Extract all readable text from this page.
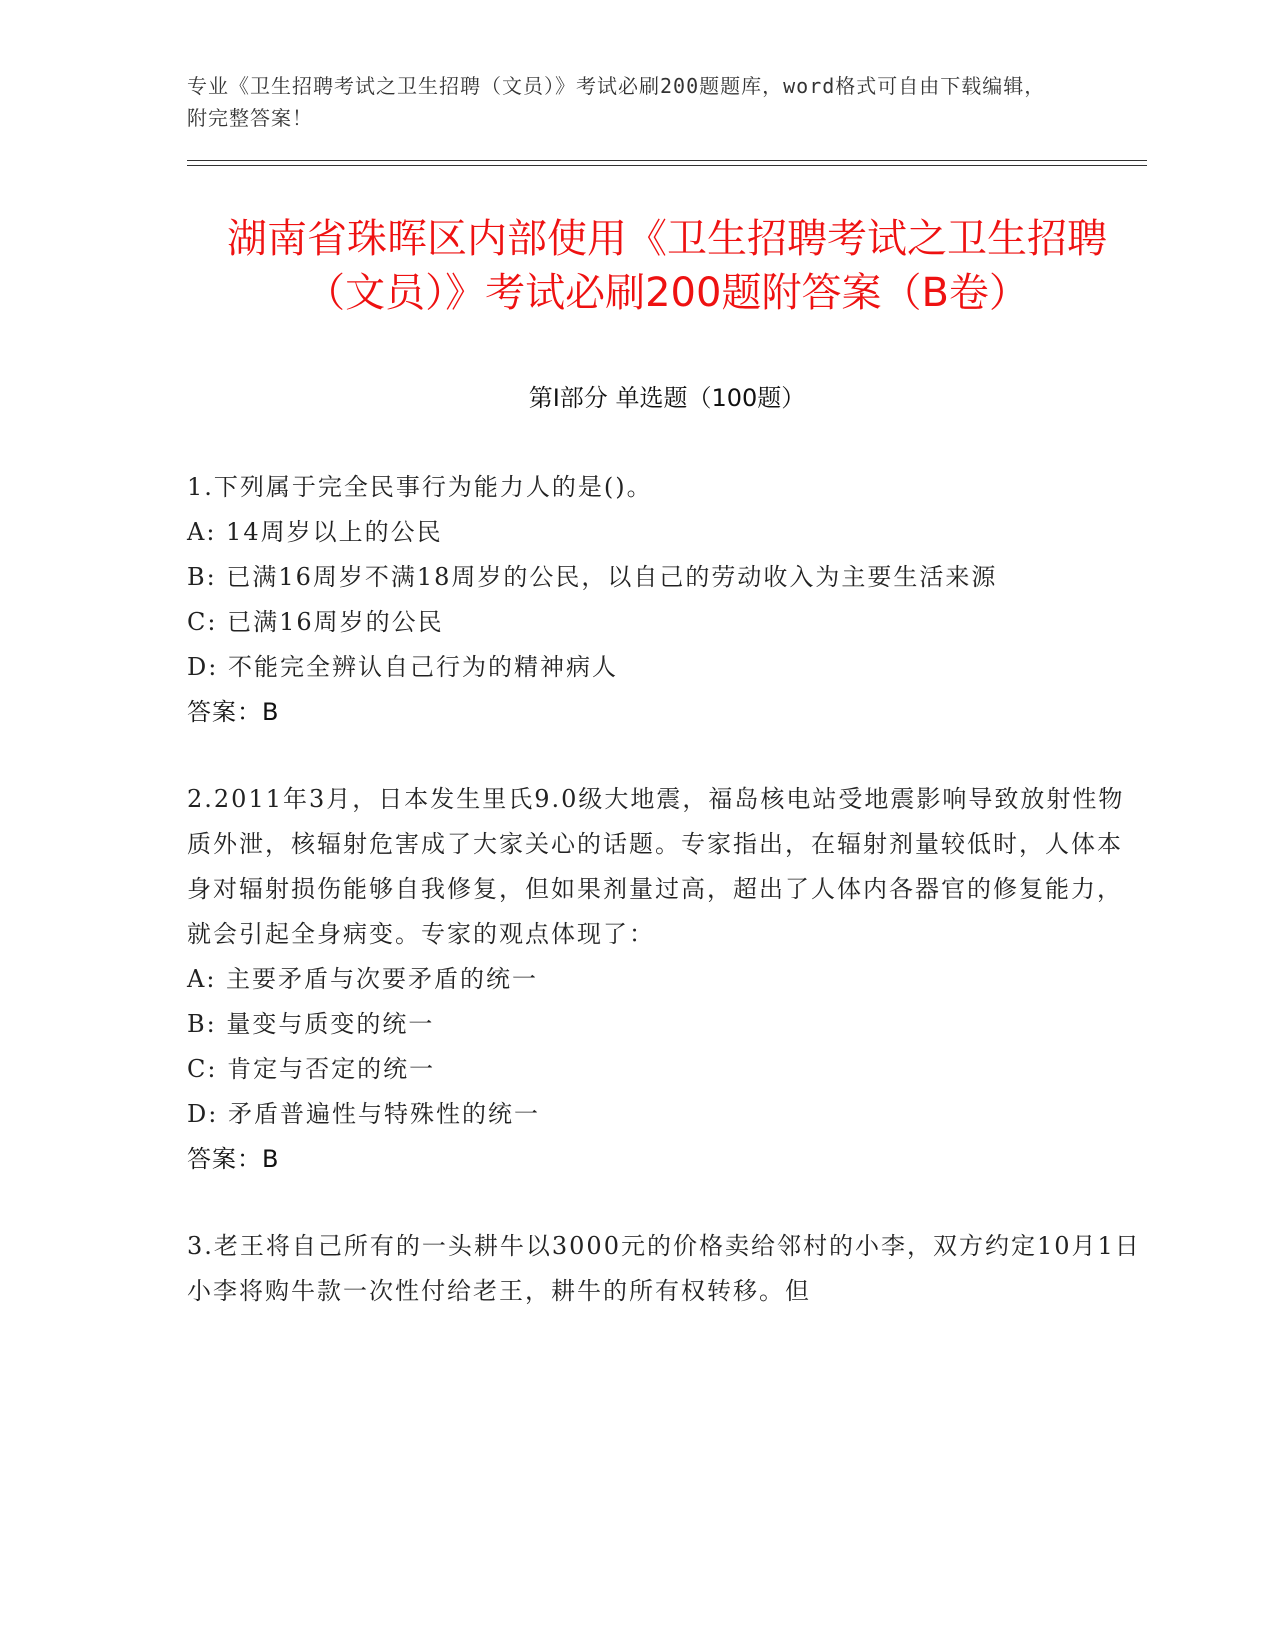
专业《卫生招聘考试之卫生招聘（文员）》考试必刷200题题库，word格式可自由下载编辑，附完整答案！
湖南省珠晖区内部使用《卫生招聘考试之卫生招聘（文员）》考试必刷200题附答案（B卷）
第Ⅰ部分 单选题（100题）
1.下列属于完全民事行为能力人的是()。
A: 14周岁以上的公民
B: 已满16周岁不满18周岁的公民，以自己的劳动收入为主要生活来源
C: 已满16周岁的公民
D: 不能完全辨认自己行为的精神病人
答案：B
2.2011年3月，日本发生里氏9.0级大地震，福岛核电站受地震影响导致放射性物质外泄，核辐射危害成了大家关心的话题。专家指出，在辐射剂量较低时，人体本身对辐射损伤能够自我修复，但如果剂量过高，超出了人体内各器官的修复能力，就会引起全身病变。专家的观点体现了：
A: 主要矛盾与次要矛盾的统一
B: 量变与质变的统一
C: 肯定与否定的统一
D: 矛盾普遍性与特殊性的统一
答案：B
3.老王将自己所有的一头耕牛以3000元的价格卖给邻村的小李，双方约定10月1日小李将购牛款一次性付给老王，耕牛的所有权转移。但
